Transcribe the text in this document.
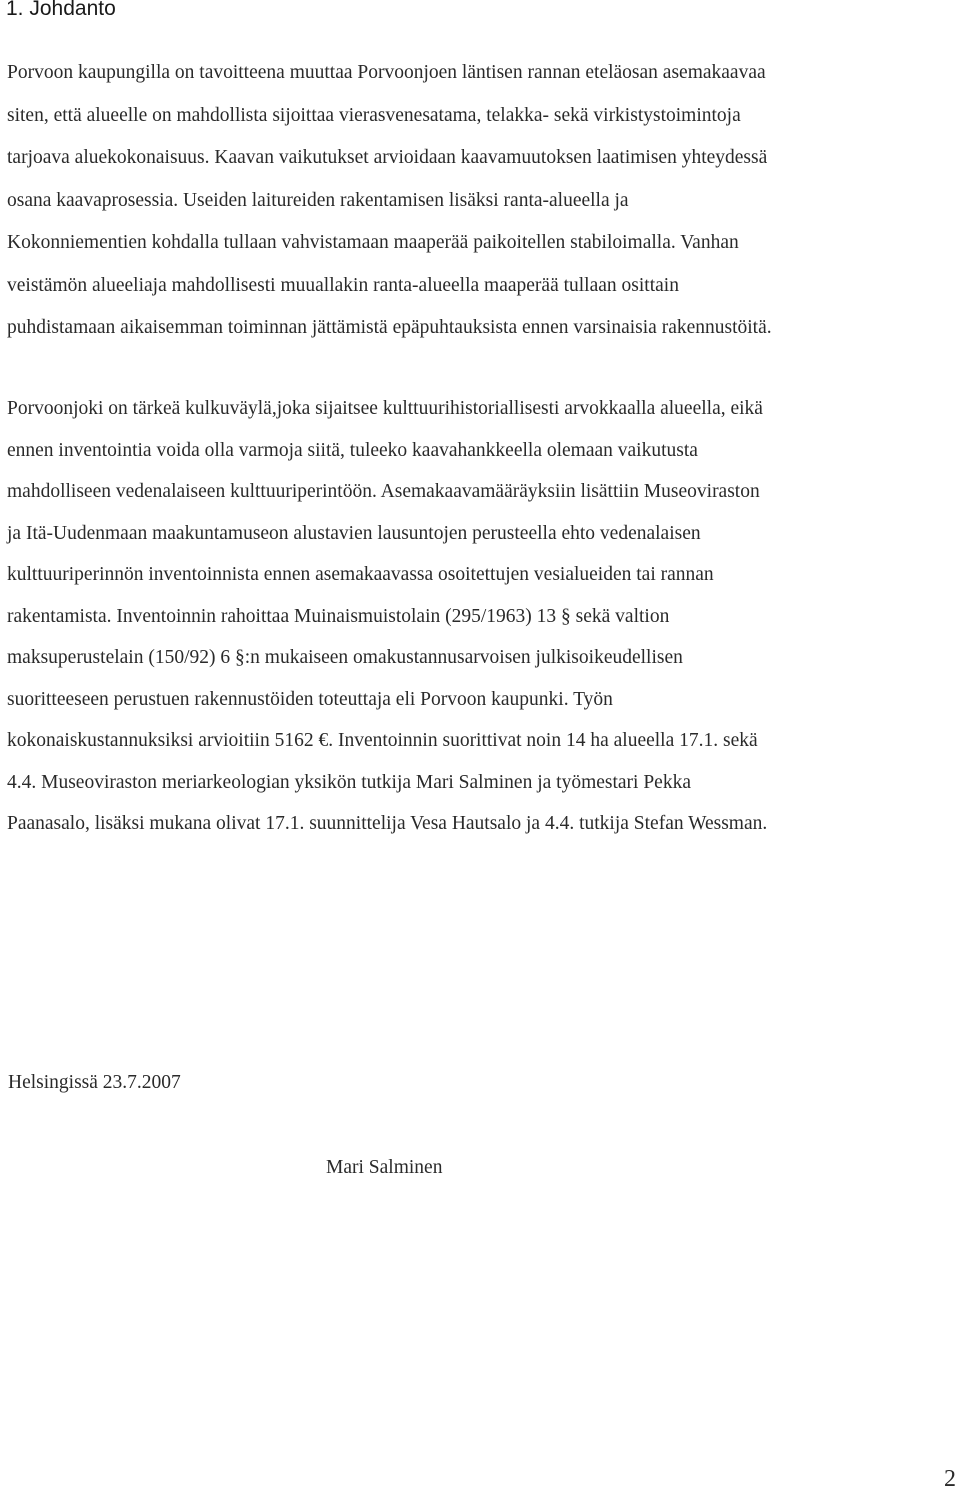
1. Johdanto
Porvoon kaupungilla on tavoitteena muuttaa Porvoonjoen läntisen rannan eteläosan asemakaavaa
siten, että alueelle on mahdollista sijoittaa vierasvenesatama, telakka- sekä virkistystoimintoja
tarjoava aluekokonaisuus. Kaavan vaikutukset arvioidaan kaavamuutoksen laatimisen yhteydessä
osana kaavaprosessia. Useiden laitureiden rakentamisen lisäksi ranta-alueella ja
Kokonniementien kohdalla tullaan vahvistamaan maaperää paikoitellen stabiloimalla. Vanhan
veistämön alueeliaja mahdollisesti muuallakin ranta-alueella maaperää tullaan osittain
puhdistamaan aikaisemman toiminnan jättämistä epäpuhtauksista ennen varsinaisia rakennustöitä.
Porvoonjoki on tärkeä kulkuväylä,joka sijaitsee kulttuurihistoriallisesti arvokkaalla alueella, eikä
ennen inventointia voida olla varmoja siitä, tuleeko kaavahankkeella olemaan vaikutusta
mahdolliseen vedenalaiseen kulttuuriperintöön. Asemakaavamääräyksiin lisättiin Museoviraston
ja Itä-Uudenmaan maakuntamuseon alustavien lausuntojen perusteella ehto vedenalaisen
kulttuuriperinnön inventoinnista ennen asemakaavassa osoitettujen vesialueiden tai rannan
rakentamista. Inventoinnin rahoittaa Muinaismuistolain (295/1963) 13 § sekä valtion
maksuperustelain (150/92) 6 §:n mukaiseen omakustannusarvoisen julkisoikeudellisen
suoritteeseen perustuen rakennustöiden toteuttaja eli Porvoon kaupunki. Työn
kokonaiskustannuksiksi arvioitiin 5162 €. Inventoinnin suorittivat noin 14 ha alueella 17.1. sekä
4.4. Museoviraston meriarkeologian yksikön tutkija Mari Salminen ja työmestari Pekka
Paanasalo, lisäksi mukana olivat 17.1. suunnittelija Vesa Hautsalo ja 4.4. tutkija Stefan Wessman.

Helsingissä 23.7.2007

Mari Salminen

2
